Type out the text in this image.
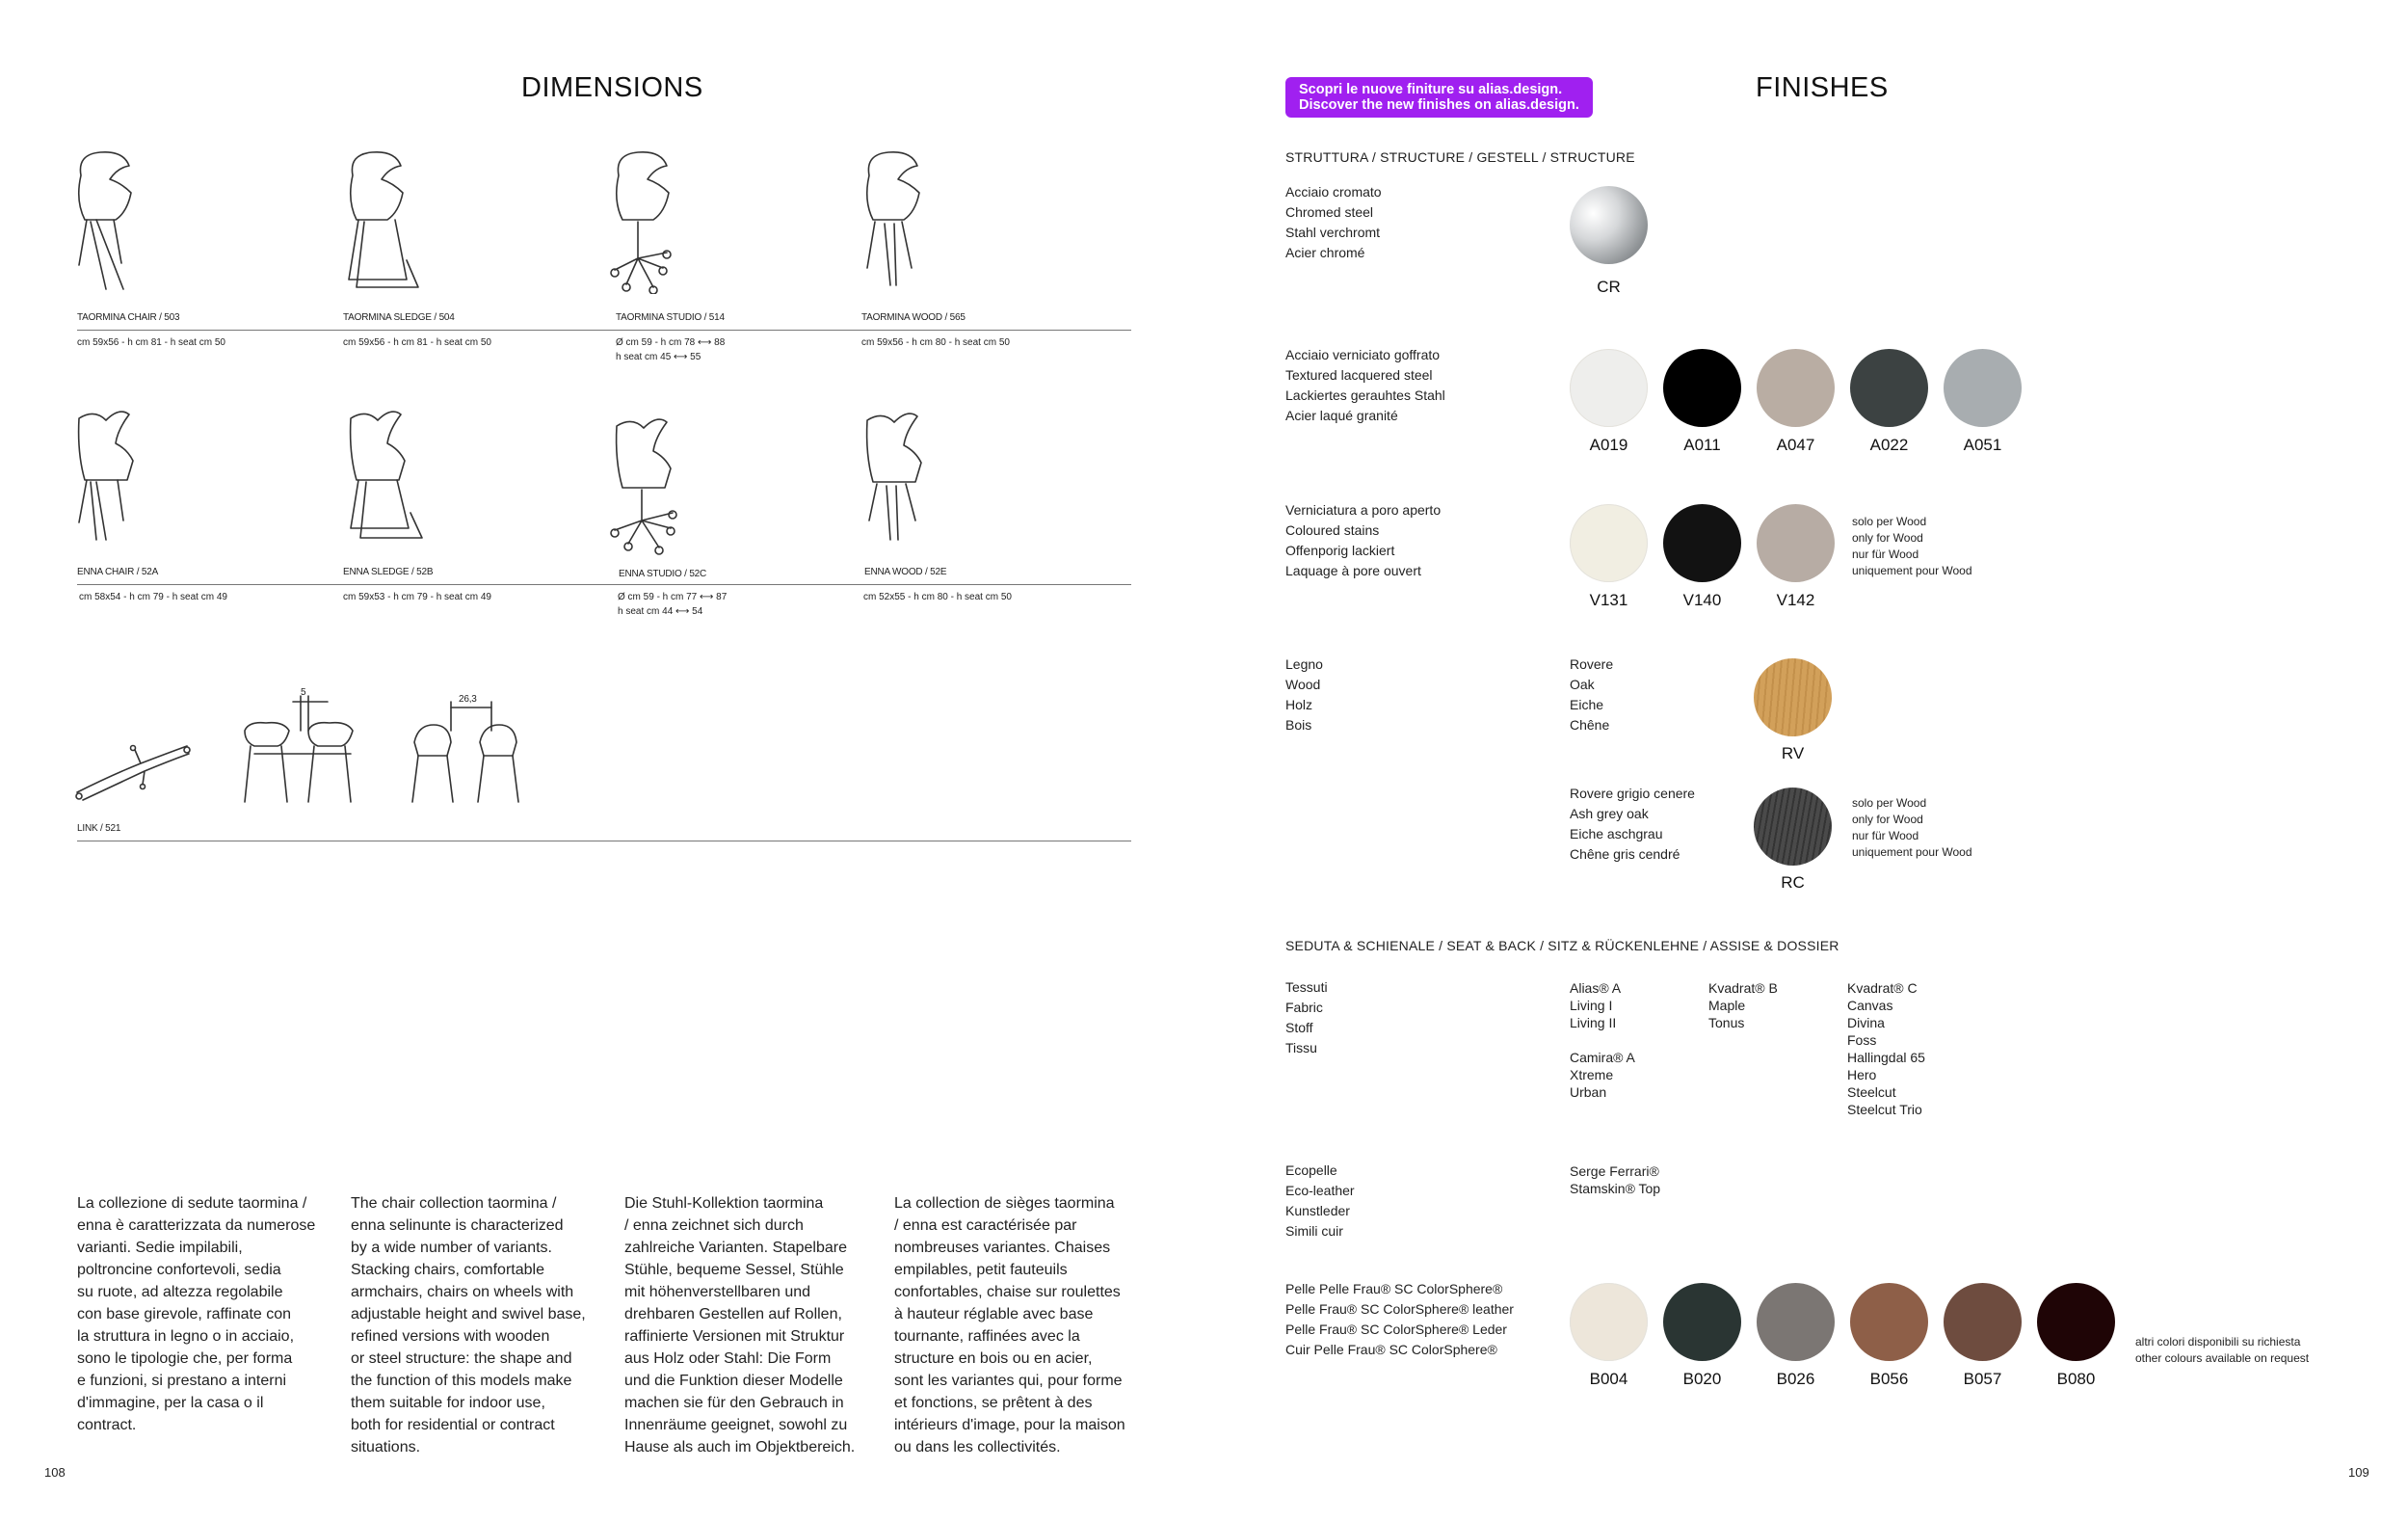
DIMENSIONS
TAORMINA CHAIR / 503	TAORMINA SLEDGE / 504	TAORMINA STUDIO / 514	TAORMINA WOOD / 565
cm 59x56 - h cm 81 - h seat cm 50	cm 59x56 - h cm 81 - h seat cm 50	Ø cm 59 - h cm 78 ⟷ 88
h seat cm 45 ⟷ 55
cm 59x56 - h cm 80 - h seat cm 50
ENNA CHAIR / 52A	ENNA SLEDGE / 52B	ENNA STUDIO / 52C	ENNA WOOD / 52E
cm 58x54 - h cm 79 - h seat cm 49	cm 59x53 - h cm 79 - h seat cm 49	Ø cm 59 - h cm 77 ⟷ 87
h seat cm 44 ⟷ 54
cm 52x55 - h cm 80 - h seat cm 50
5
26,3
LINK / 521
La collezione di sedute taormina /
enna è caratterizzata da numerose
varianti. Sedie impilabili,
poltroncine confortevoli, sedia
su ruote, ad altezza regolabile
con base girevole, raffinate con
la struttura in legno o in acciaio,
sono le tipologie che, per forma
e funzioni, si prestano a interni
d'immagine, per la casa o il
contract.
The chair collection taormina /
enna selinunte is characterized
by a wide number of variants.
Stacking chairs, comfortable
armchairs, chairs on wheels with
adjustable height and swivel base,
refined versions with wooden
or steel structure: the shape and
the function of this models make
them suitable for indoor use,
both for residential or contract
situations.
Die Stuhl-Kollektion taormina
/ enna zeichnet sich durch
zahlreiche Varianten. Stapelbare
Stühle, bequeme Sessel, Stühle
mit höhenverstellbaren und
drehbaren Gestellen auf Rollen,
raffinierte Versionen mit Struktur
aus Holz oder Stahl: Die Form
und die Funktion dieser Modelle
machen sie für den Gebrauch in
Innenräume geeignet, sowohl zu
Hause als auch im Objektbereich.
La collection de sièges taormina
/ enna est caractérisée par
nombreuses variantes. Chaises
empilables, petit fauteuils
confortables, chaise sur roulettes
à hauteur réglable avec base
tournante, raffinées avec la
structure en bois ou en acier,
sont les variantes qui, pour forme
et fonctions, se prêtent à des
intérieurs d'image, pour la maison
ou dans les collectivités.
108
Scopri le nuove finiture su alias.design.
Discover the new finishes on alias.design.
FINISHES
STRUTTURA / STRUCTURE / GESTELL / STRUCTURE
Acciaio cromato
Chromed steel
Stahl verchromt
Acier chromé
CR
Acciaio verniciato goffrato
Textured lacquered steel
Lackiertes gerauhtes Stahl
Acier laqué granité
A019	A011	A047	A022	A051
Verniciatura a poro aperto
Coloured stains
Offenporig lackiert
Laquage à pore ouvert
V131	V140	V142
solo per Wood
only for Wood
nur für Wood
uniquement pour Wood
Legno
Wood
Holz
Bois
Rovere
Oak
Eiche
Chêne
RV
Rovere grigio cenere
Ash grey oak
Eiche aschgrau
Chêne gris cendré
RC
solo per Wood
only for Wood
nur für Wood
uniquement pour Wood
SEDUTA & SCHIENALE / SEAT & BACK / SITZ & RÜCKENLEHNE / ASSISE & DOSSIER
Tessuti
Fabric
Stoff
Tissu
Alias® A
Living I
Living II
Camira® A
Xtreme
Urban
Kvadrat® B
Maple
Tonus
Kvadrat® C
Canvas
Divina
Foss
Hallingdal 65
Hero
Steelcut
Steelcut Trio
Ecopelle
Eco-leather
Kunstleder
Simili cuir
Serge Ferrari®
Stamskin® Top
Pelle Pelle Frau® SC ColorSphere®
Pelle Frau® SC ColorSphere® leather
Pelle Frau® SC ColorSphere® Leder
Cuir Pelle Frau® SC ColorSphere®
B004	B020	B026	B056	B057	B080
altri colori disponibili su richiesta
other colours available on request
109
